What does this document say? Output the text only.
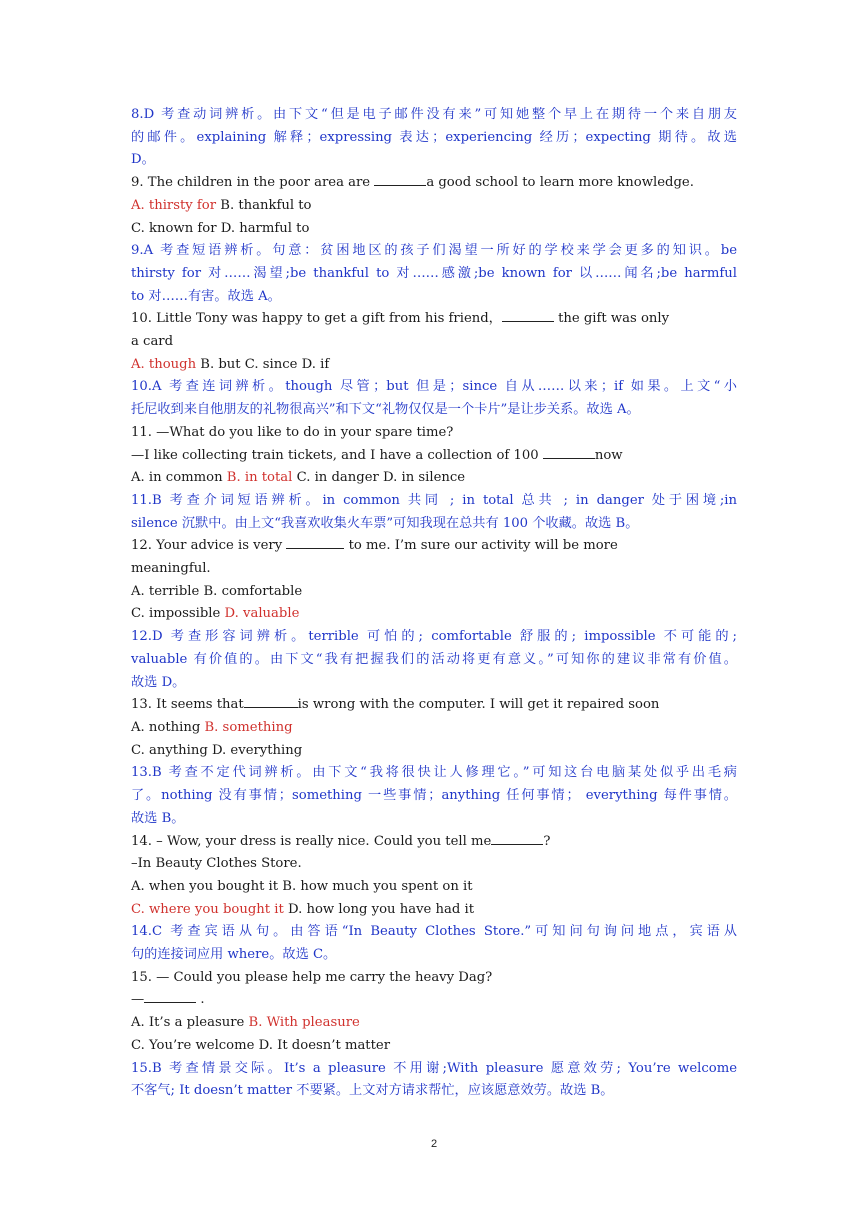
8.D 考查动词辨析。由下文“但是电子邮件没有来”可知她整个早上在期待一个来自朋友
的邮件。explaining 解释；expressing 表达；experiencing 经历；expecting 期待。故选
D。
9. The children in the poor area are	a good school to learn more knowledge.
A. thirsty for B. thankful to
C. known for D. harmful to
9.A 考查短语辨析。句意：贫困地区的孩子们渴望一所好的学校来学会更多的知识。be
thirsty for 对……渴望;be thankful to 对……感激;be known for 以……闻名;be harmful
to 对……有害。故选 A。
10. Little Tony was happy to get a gift from his friend，	the gift was only
a card
A. though B. but C. since D. if
10.A 考查连词辨析。though 尽管；but 但是；since 自从……以来；if 如果。上文“小
托尼收到来自他朋友的礼物很高兴”和下文“礼物仅仅是一个卡片”是让步关系。故选 A。
11. —What do you like to do in your spare time?
—I like collecting train tickets, and I have a collection of 100	now
A. in common B. in total C. in danger D. in silence
11.B 考查介词短语辨析。in common 共同 ; in total 总共 ; in danger 处于困境;in
silence 沉默中。由上文“我喜欢收集火车票”可知我现在总共有 100 个收藏。故选 B。
12. Your advice is very	to me. I’m sure our activity will be more
meaningful.
A. terrible B. comfortable
C. impossible D. valuable
12.D 考查形容词辨析。terrible 可怕的; comfortable 舒服的; impossible 不可能的;
valuable 有价值的。由下文“我有把握我们的活动将更有意义。”可知你的建议非常有价值。
故选 D。
13. It seems that	is wrong with the computer. I will get it repaired soon
A. nothing B. something
C. anything D. everything
13.B 考查不定代词辨析。由下文“我将很快让人修理它。”可知这台电脑某处似乎出毛病
了。nothing 没有事情；something 一些事情；anything 任何事情； everything 每件事情。
故选 B。
14. – Wow, your dress is really nice. Could you tell me	?
–In Beauty Clothes Store.
A. when you bought it B. how much you spent on it
C. where you bought it D. how long you have had it
14.C 考查宾语从句。由答语“In Beauty Clothes Store.”可知问句询问地点，宾语从
句的连接词应用 where。故选 C。
15. — Could you please help me carry the heavy Dag?
—	.
A. It’s a pleasure B. With pleasure
C. You’re welcome D. It doesn’t matter
15.B 考查情景交际。It’s a pleasure 不用谢;With pleasure 愿意效劳; You’re welcome
不客气; It doesn’t matter 不要紧。上文对方请求帮忙，应该愿意效劳。故选 B。
2
